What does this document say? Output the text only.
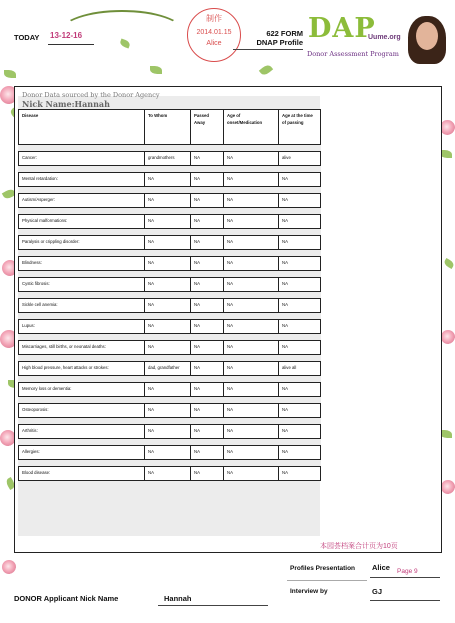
TODAY 13-12-16
制作
2014.01.15
Alice
622 FORM
DNAP Profile DAP
Uume.org
Donor Assessment Program
Donor Data sourced by the Donor Agency
Nick Name:Hannah
Disease	To Whom	Passed Away	Age of onset/Medication	Age at the time of passing

Cancer:	grandmothers	NA	NA	alive

Mental retardation:	NA	NA	NA	NA

Autism/Asperger:	NA	NA	NA	NA

Physical malformations:	NA	NA	NA	NA

Paralysis or crippling disorder:	NA	NA	NA	NA

Blindness:	NA	NA	NA	NA

Cystic fibrosis:	NA	NA	NA	NA

Sickle cell anemia:	NA	NA	NA	NA

Lupus:	NA	NA	NA	NA

Miscarriages, still births, or neonatal deaths:	NA	NA	NA	NA

High blood pressure, heart attacks or strokes:	dad, grandfather	NA	NA	alive all

Memory loss or dementia:	NA	NA	NA	NA

Osteoporosis:	NA	NA	NA	NA

Arthritis:	NA	NA	NA	NA

Allergies:	NA	NA	NA	NA

Blood disease:	NA	NA	NA	NA
本园荟档案合计页为10页
Profiles Presentation Alice Page 9
Interview by	GJ
DONOR Applicant Nick Name	Hannah
